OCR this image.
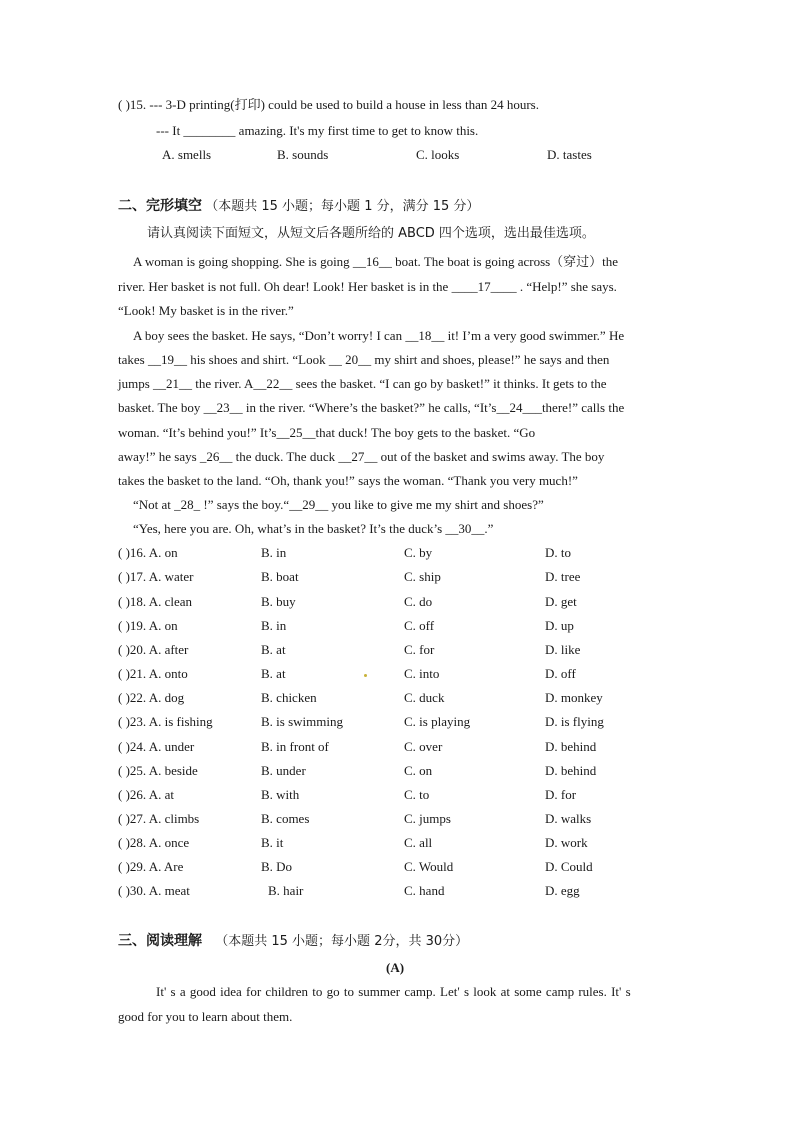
( )15. --- 3-D printing(打印) could be used to build a house in less than 24 hours.
--- It ________ amazing. It's my first time to get to know this.
A. smells	B. sounds	C. looks	D. tastes
二、完形填空 （本题共 15 小题；每小题 1 分，满分 15 分）
请认真阅读下面短文，从短文后各题所给的 ABCD 四个选项，选出最佳选项。
A woman is going shopping. She is going __16__ boat. The boat is going across（穿过）the
river. Her basket is not full. Oh dear! Look! Her basket is in the ____17____ . “Help!” she says.
“Look! My basket is in the river.”
A boy sees the basket. He says, “Don’t worry! I can __18__ it! I’m a very good swimmer.” He
takes __19__ his shoes and shirt. “Look __ 20__ my shirt and shoes, please!” he says and then
jumps __21__ the river. A__22__ sees the basket. “I can go by basket!” it thinks. It gets to the
basket. The boy __23__ in the river. “Where’s the basket?” he calls, “It’s__24___there!” calls the
woman. “It’s behind you!” It’s__25__that duck! The boy gets to the basket. “Go
away!” he says _26__ the duck. The duck __27__ out of the basket and swims away. The boy
takes the basket to the land. “Oh, thank you!” says the woman. “Thank you very much!”
“Not at _28_ !” says the boy.“__29__ you like to give me my shirt and shoes?”
“Yes, here you are. Oh, what’s in the basket? It’s the duck’s __30__.”
( )16. A. on	B. in	C. by	D. to
( )17. A. water	B. boat	C. ship	D. tree
( )18. A. clean	B. buy	C. do	D. get
( )19. A. on	B. in	C. off	D. up
( )20. A. after	B. at	C. for	D. like
( )21. A. onto	B. at	C. into	D. off
( )22. A. dog	B. chicken	C. duck	D. monkey
( )23. A. is fishing	B. is swimming	C. is playing	D. is flying
( )24. A. under	B. in front of	C. over	D. behind
( )25. A. beside	B. under	C. on	D. behind
( )26. A. at	B. with	C. to	D. for
( )27. A. climbs	B. comes	C. jumps	D. walks
( )28. A. once	B. it	C. all	D. work
( )29. A. Are	B. Do	C. Would	D. Could
( )30. A. meat	B. hair	C. hand	D. egg
三、阅读理解 （本题共 15 小题；每小题 2分，共 30分）
(A)
It' s a good idea for children to go to summer camp. Let' s look at some camp rules. It' s
good for you to learn about them.
